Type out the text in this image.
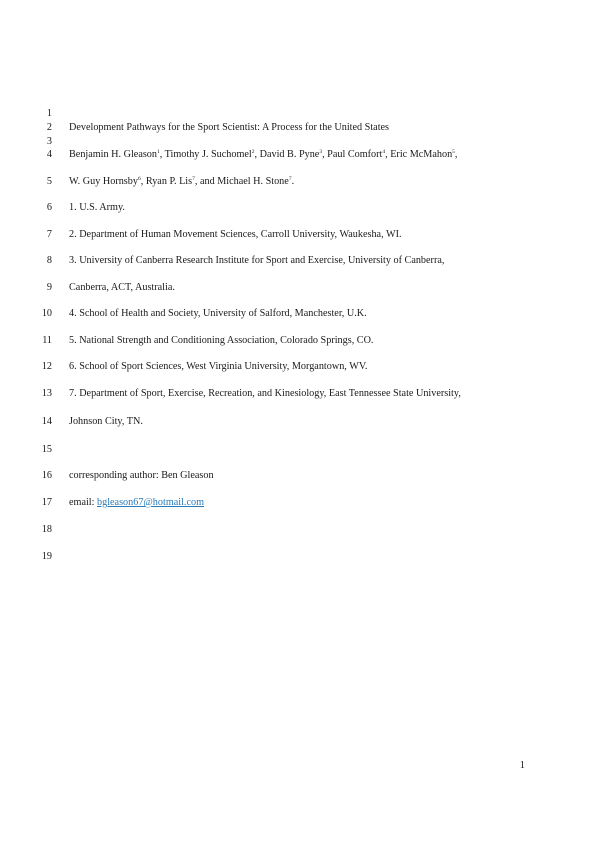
1
2 Development Pathways for the Sport Scientist: A Process for the United States
3
4 Benjamin H. Gleason$^1$, Timothy J. Suchomel$^2$, David B. Pyne$^3$, Paul Comfort$^4$, Eric McMahon$^5$,
5 W. Guy Hornsby$^6$, Ryan P. Lis$^7$, and Michael H. Stone$^7$.
6 1. U.S. Army.
7 2. Department of Human Movement Sciences, Carroll University, Waukesha, WI.
8 3. University of Canberra Research Institute for Sport and Exercise, University of Canberra,
9 Canberra, ACT, Australia.
10 4. School of Health and Society, University of Salford, Manchester, U.K.
11 5. National Strength and Conditioning Association, Colorado Springs, CO.
12 6. School of Sport Sciences, West Virginia University, Morgantown, WV.
13 7. Department of Sport, Exercise, Recreation, and Kinesiology, East Tennessee State University,
14 Johnson City, TN.
15
16 corresponding author: Ben Gleason
17 email: bgleason67@hotmail.com
18
19
1
